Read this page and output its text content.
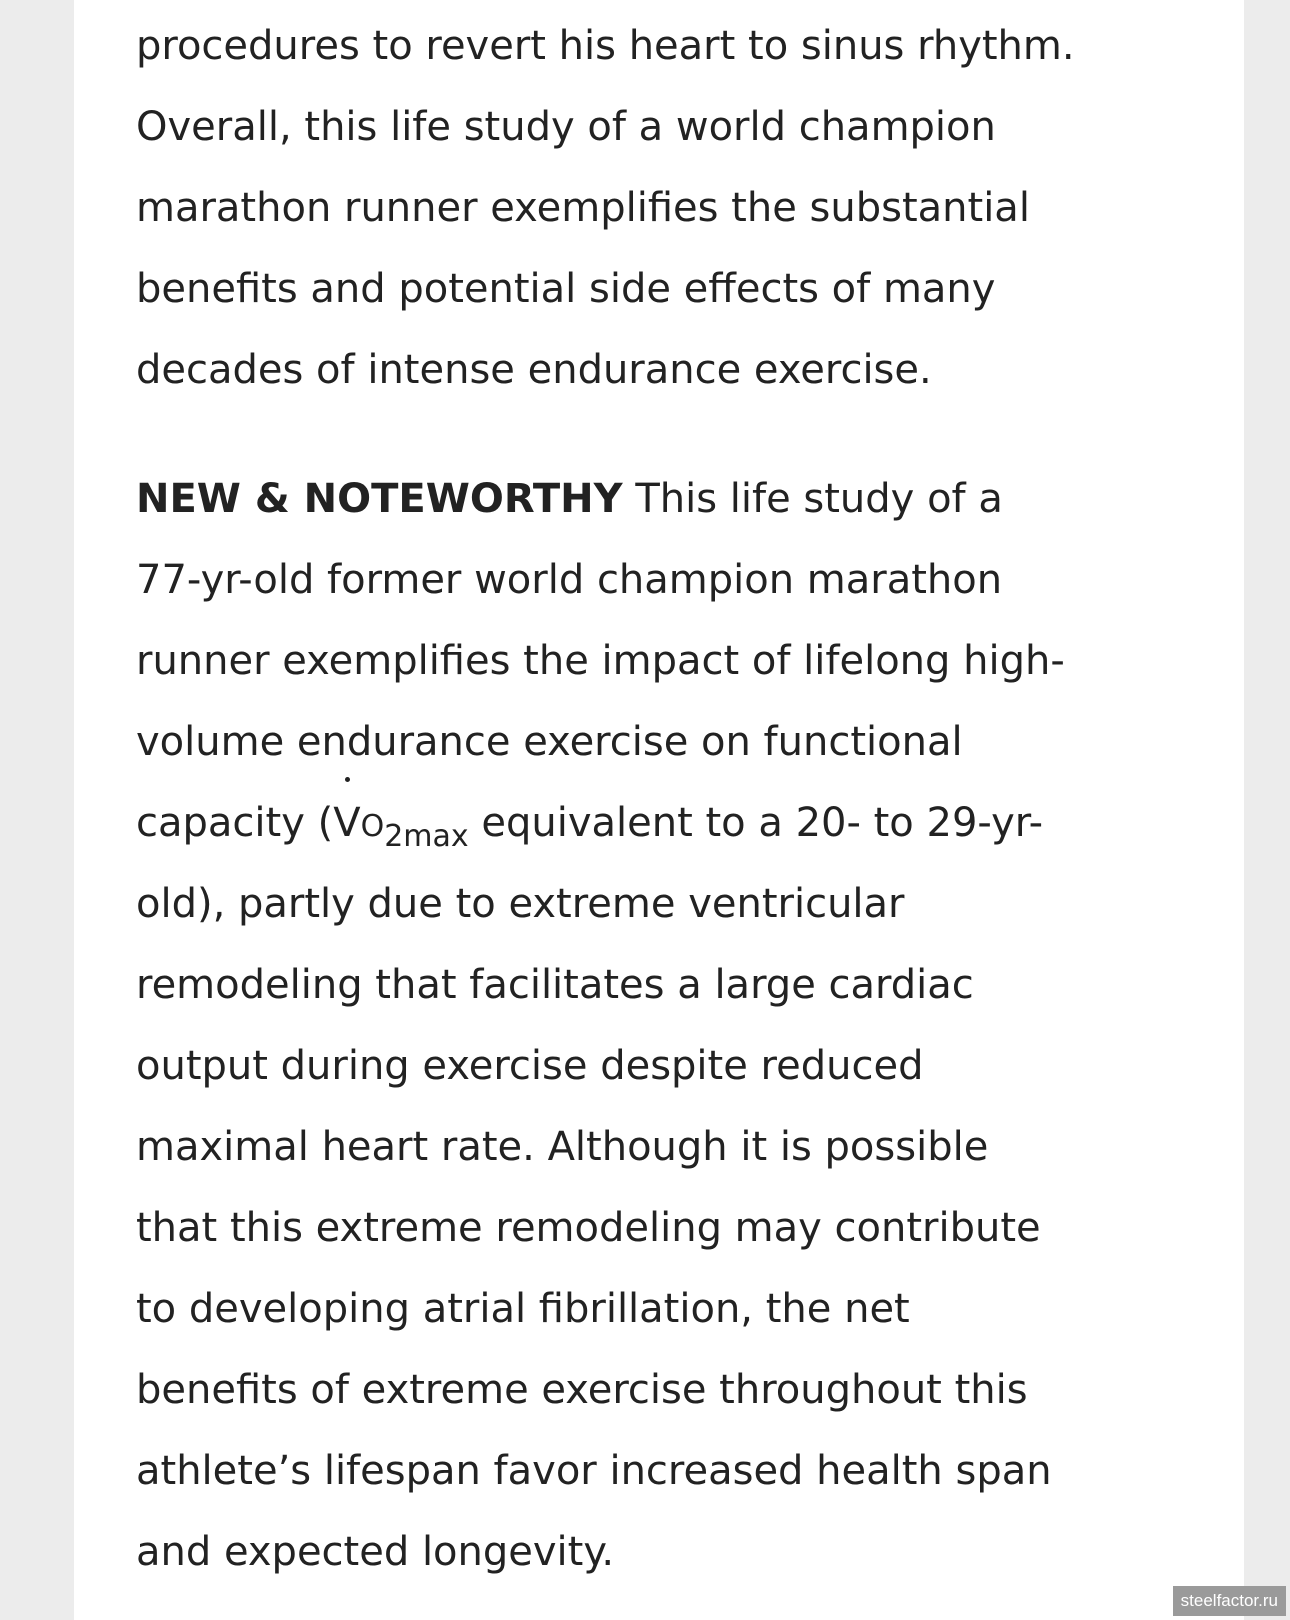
procedures to revert his heart to sinus rhythm.
Overall, this life study of a world champion
marathon runner exemplifies the substantial
benefits and potential side effects of many
decades of intense endurance exercise.
NEW & NOTEWORTHY This life study of a
77-yr-old former world champion marathon
runner exemplifies the impact of lifelong high-
volume endurance exercise on functional
capacity ($VO_{2max}$ equivalent to a 20- to 29-yr-
old), partly due to extreme ventricular
remodeling that facilitates a large cardiac
output during exercise despite reduced
maximal heart rate. Although it is possible
that this extreme remodeling may contribute
to developing atrial fibrillation, the net
benefits of extreme exercise throughout this
athlete’s lifespan favor increased health span
and expected longevity.
steelfactor.ru
